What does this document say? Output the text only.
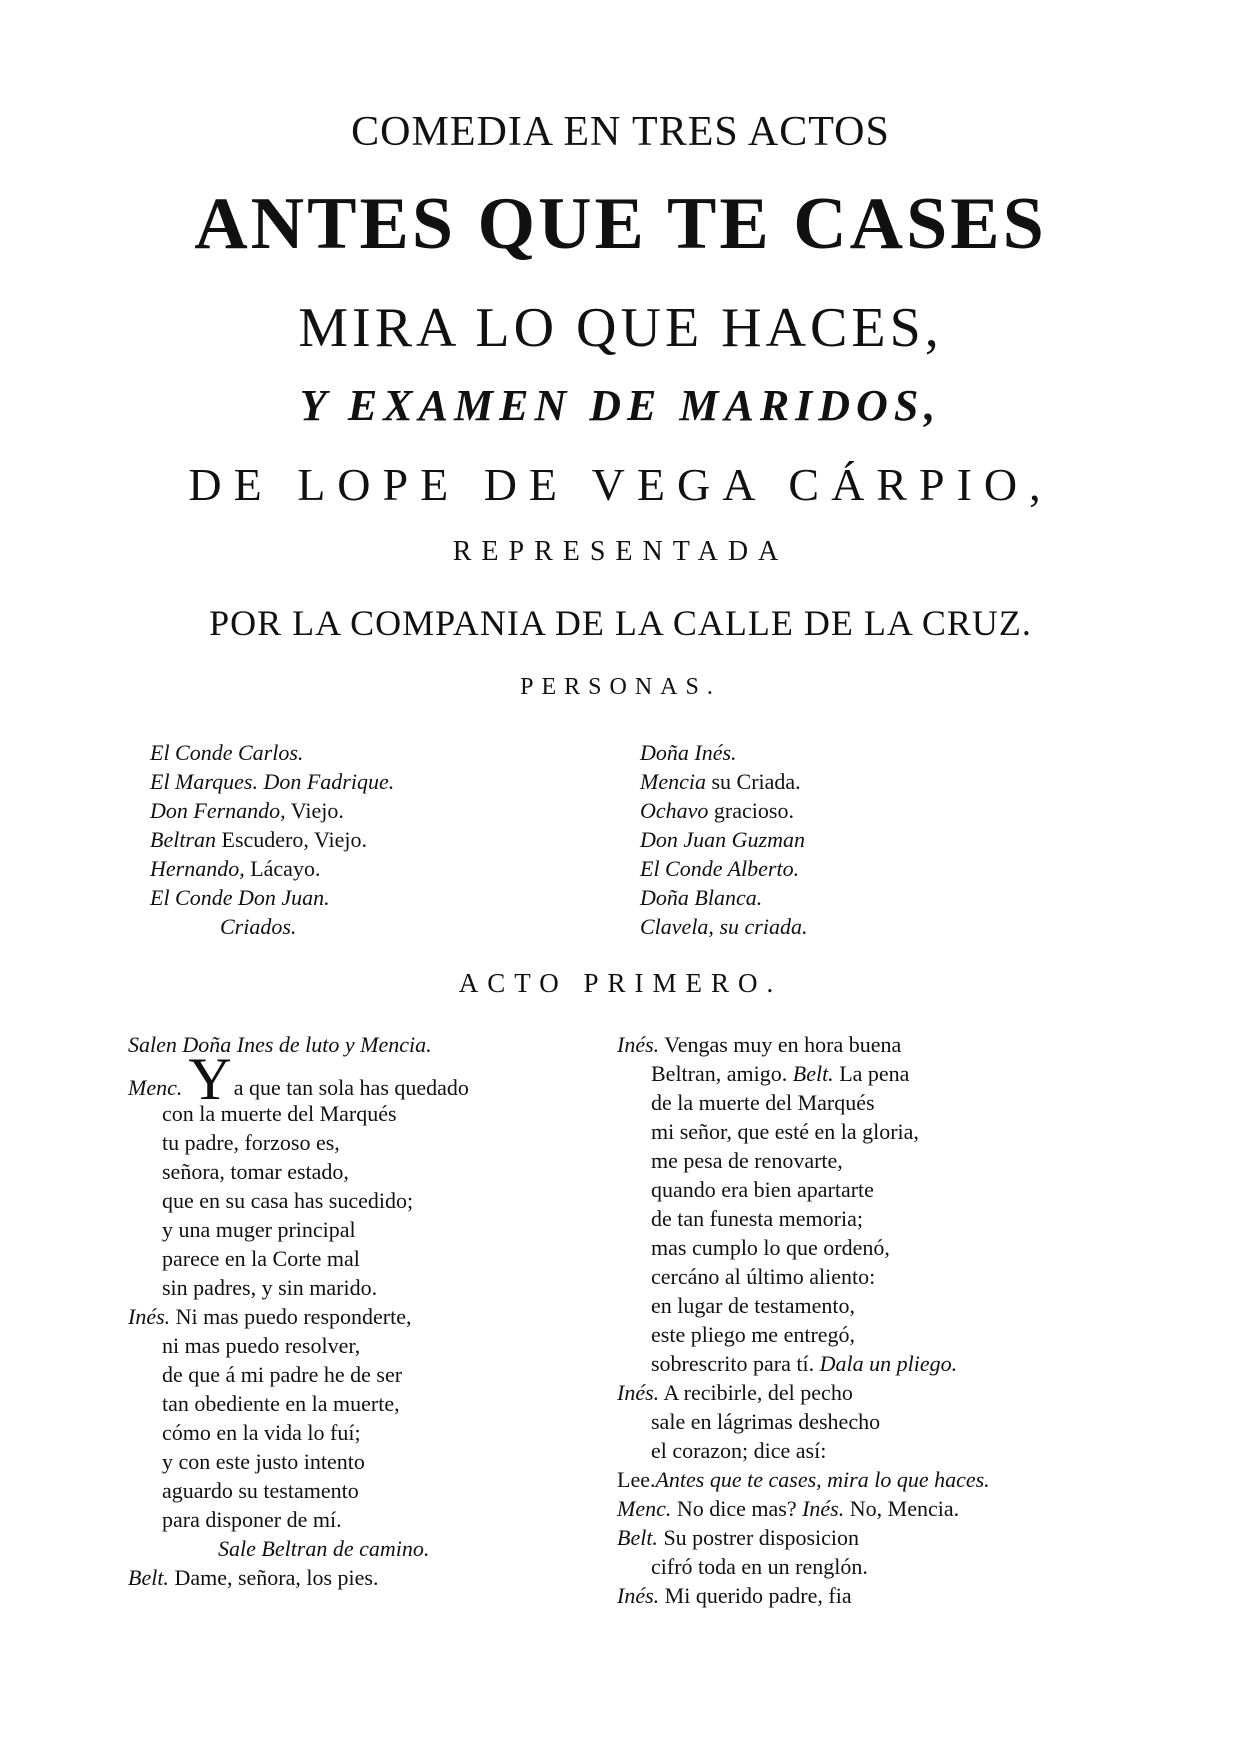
COMEDIA EN TRES ACTOS
ANTES QUE TE CASES
MIRA LO QUE HACES,
Y EXAMEN DE MARIDOS,
DE LOPE DE VEGA CÁRPIO,
REPRESENTADA
POR LA COMPANIA DE LA CALLE DE LA CRUZ.
PERSONAS.
El Conde Carlos.
El Marques. Don Fadrique.
Don Fernando, Viejo.
Beltran Escudero, Viejo.
Hernando, Lácayo.
El Conde Don Juan.
Criados.
Doña Inés.
Mencia su Criada.
Ochavo gracioso.
Don Juan Guzman
El Conde Alberto.
Doña Blanca.
Clavela, su criada.
ACTO PRIMERO.
Salen Doña Ines de luto y Mencia.
Menc. Ya que tan sola has quedado
con la muerte del Marqués
tu padre, forzoso es,
señora, tomar estado,
que en su casa has sucedido;
y una muger principal
parece en la Corte mal
sin padres, y sin marido.
Inés. Ni mas puedo responderte,
ni mas puedo resolver,
de que á mi padre he de ser
tan obediente en la muerte,
cómo en la vida lo fuí;
y con este justo intento
aguardo su testamento
para disponer de mí.
Sale Beltran de camino.
Belt. Dame, señora, los pies.
Inés. Vengas muy en hora buena
Beltran, amigo. Belt. La pena
de la muerte del Marqués
mi señor, que esté en la gloria,
me pesa de renovarte,
quando era bien apartarte
de tan funesta memoria;
mas cumplo lo que ordenó,
cercáno al último aliento:
en lugar de testamento,
este pliego me entregó,
sobrescrito para tí. Dala un pliego.
Inés. A recibirle, del pecho
sale en lágrimas deshecho
el corazon; dice así:
Lee.Antes que te cases, mira lo que haces.
Menc. No dice mas? Inés. No, Mencia.
Belt. Su postrer disposicion
cifró toda en un renglón.
Inés. Mi querido padre, fia
